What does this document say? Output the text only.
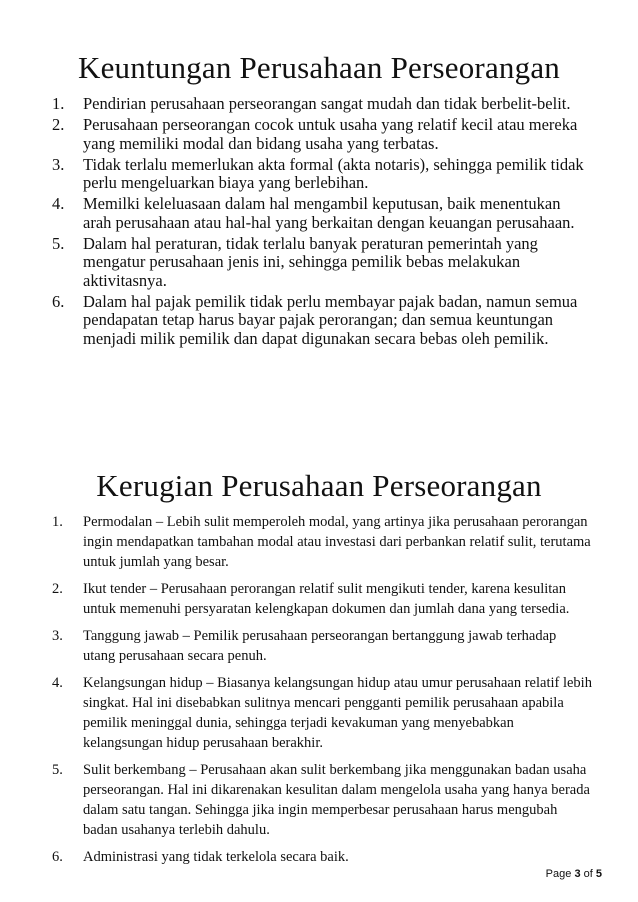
Keuntungan Perusahaan Perseorangan
1. Pendirian perusahaan perseorangan sangat mudah dan tidak berbelit-belit.
2. Perusahaan perseorangan cocok untuk usaha yang relatif kecil atau mereka yang memiliki modal dan bidang usaha yang terbatas.
3. Tidak terlalu memerlukan akta formal (akta notaris), sehingga pemilik tidak perlu mengeluarkan biaya yang berlebihan.
4. Memilki keleluasaan dalam hal mengambil keputusan, baik menentukan arah perusahaan atau hal-hal yang berkaitan dengan keuangan perusahaan.
5. Dalam hal peraturan, tidak terlalu banyak peraturan pemerintah yang mengatur perusahaan jenis ini, sehingga pemilik bebas melakukan aktivitasnya.
6. Dalam hal pajak pemilik tidak perlu membayar pajak badan, namun semua pendapatan tetap harus bayar pajak perorangan; dan semua keuntungan menjadi milik pemilik dan dapat digunakan secara bebas oleh pemilik.
Kerugian Perusahaan Perseorangan
1. Permodalan – Lebih sulit memperoleh modal, yang artinya jika perusahaan perorangan ingin mendapatkan tambahan modal atau investasi dari perbankan relatif sulit, terutama untuk jumlah yang besar.
2. Ikut tender – Perusahaan perorangan relatif sulit mengikuti tender, karena kesulitan untuk memenuhi persyaratan kelengkapan dokumen dan jumlah dana yang tersedia.
3. Tanggung jawab – Pemilik perusahaan perseorangan bertanggung jawab terhadap utang perusahaan secara penuh.
4. Kelangsungan hidup – Biasanya kelangsungan hidup atau umur perusahaan relatif lebih singkat. Hal ini disebabkan sulitnya mencari pengganti pemilik perusahaan apabila pemilik meninggal dunia, sehingga terjadi kevakuman yang menyebabkan kelangsungan hidup perusahaan berakhir.
5. Sulit berkembang – Perusahaan akan sulit berkembang jika menggunakan badan usaha perseorangan. Hal ini dikarenakan kesulitan dalam mengelola usaha yang hanya berada dalam satu tangan. Sehingga jika ingin memperbesar perusahaan harus mengubah badan usahanya terlebih dahulu.
6. Administrasi yang tidak terkelola secara baik.
Page 3 of 5
